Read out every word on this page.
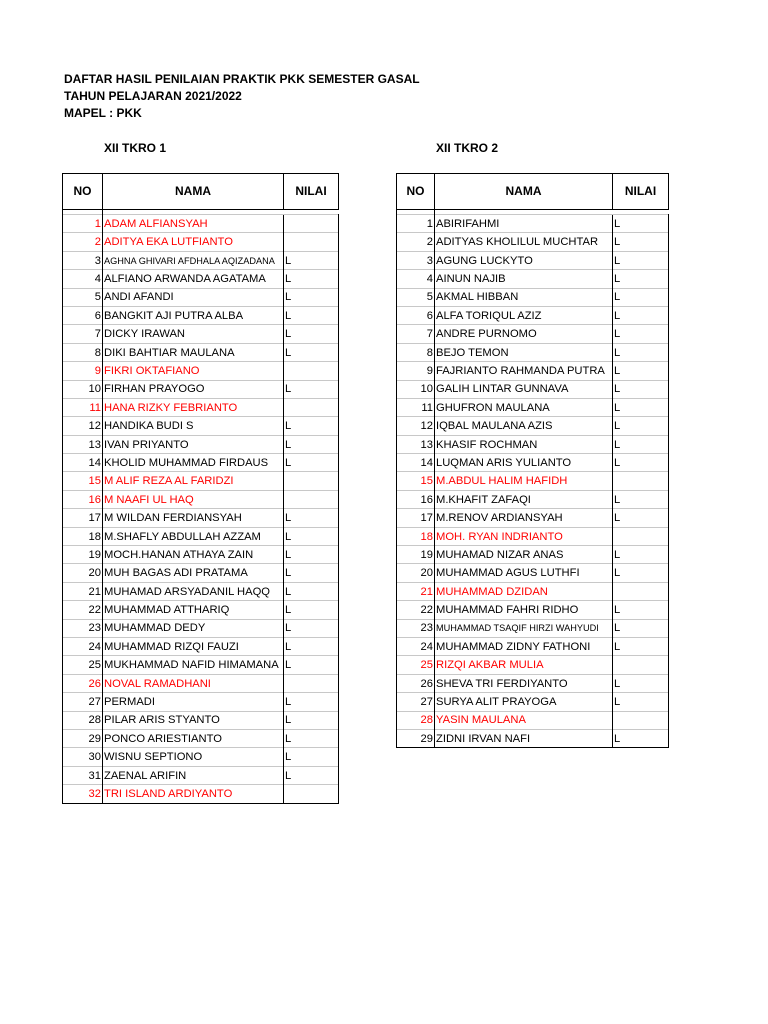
DAFTAR HASIL PENILAIAN PRAKTIK PKK SEMESTER GASAL
TAHUN PELAJARAN 2021/2022
MAPEL : PKK
XII TKRO 1	XII TKRO 2
NO	NAMA	NILAI

1	ADAM ALFIANSYAH	
2	ADITYA EKA LUTFIANTO	
3	AGHNA GHIVARI AFDHALA AQIZADANA	L
4	ALFIANO ARWANDA AGATAMA	L
5	ANDI AFANDI	L
6	BANGKIT AJI PUTRA ALBA	L
7	DICKY IRAWAN	L
8	DIKI BAHTIAR MAULANA	L
9	FIKRI OKTAFIANO	
10	FIRHAN PRAYOGO	L
11	HANA RIZKY FEBRIANTO	
12	HANDIKA BUDI S	L
13	IVAN PRIYANTO	L
14	KHOLID MUHAMMAD FIRDAUS	L
15	M ALIF REZA AL FARIDZI	
16	M NAAFI UL HAQ	
17	M WILDAN FERDIANSYAH	L
18	M.SHAFLY ABDULLAH AZZAM	L
19	MOCH.HANAN ATHAYA ZAIN	L
20	MUH BAGAS ADI PRATAMA	L
21	MUHAMAD ARSYADANIL HAQQ	L
22	MUHAMMAD ATTHARIQ	L
23	MUHAMMAD DEDY	L
24	MUHAMMAD RIZQI FAUZI	L
25	MUKHAMMAD NAFID HIMAMANA	L
26	NOVAL RAMADHANI	
27	PERMADI	L
28	PILAR ARIS STYANTO	L
29	PONCO ARIESTIANTO	L
30	WISNU SEPTIONO	L
31	ZAENAL ARIFIN	L
32	TRI ISLAND ARDIYANTO	
NO	NAMA	NILAI

1	ABIRIFAHMI	L
2	ADITYAS KHOLILUL MUCHTAR	L
3	AGUNG LUCKYTO	L
4	AINUN NAJIB	L
5	AKMAL HIBBAN	L
6	ALFA TORIQUL AZIZ	L
7	ANDRE PURNOMO	L
8	BEJO TEMON	L
9	FAJRIANTO RAHMANDA PUTRA	L
10	GALIH LINTAR GUNNAVA	L
11	GHUFRON MAULANA	L
12	IQBAL MAULANA AZIS	L
13	KHASIF ROCHMAN	L
14	LUQMAN ARIS YULIANTO	L
15	M.ABDUL HALIM HAFIDH	
16	M.KHAFIT ZAFAQI	L
17	M.RENOV ARDIANSYAH	L
18	MOH. RYAN INDRIANTO	
19	MUHAMAD NIZAR ANAS	L
20	MUHAMMAD AGUS LUTHFI	L
21	MUHAMMAD DZIDAN	
22	MUHAMMAD FAHRI RIDHO	L
23	MUHAMMAD TSAQIF HIRZI WAHYUDI	L
24	MUHAMMAD ZIDNY FATHONI	L
25	RIZQI AKBAR MULIA	
26	SHEVA TRI FERDIYANTO	L
27	SURYA ALIT PRAYOGA	L
28	YASIN MAULANA	
29	ZIDNI IRVAN NAFI	L
